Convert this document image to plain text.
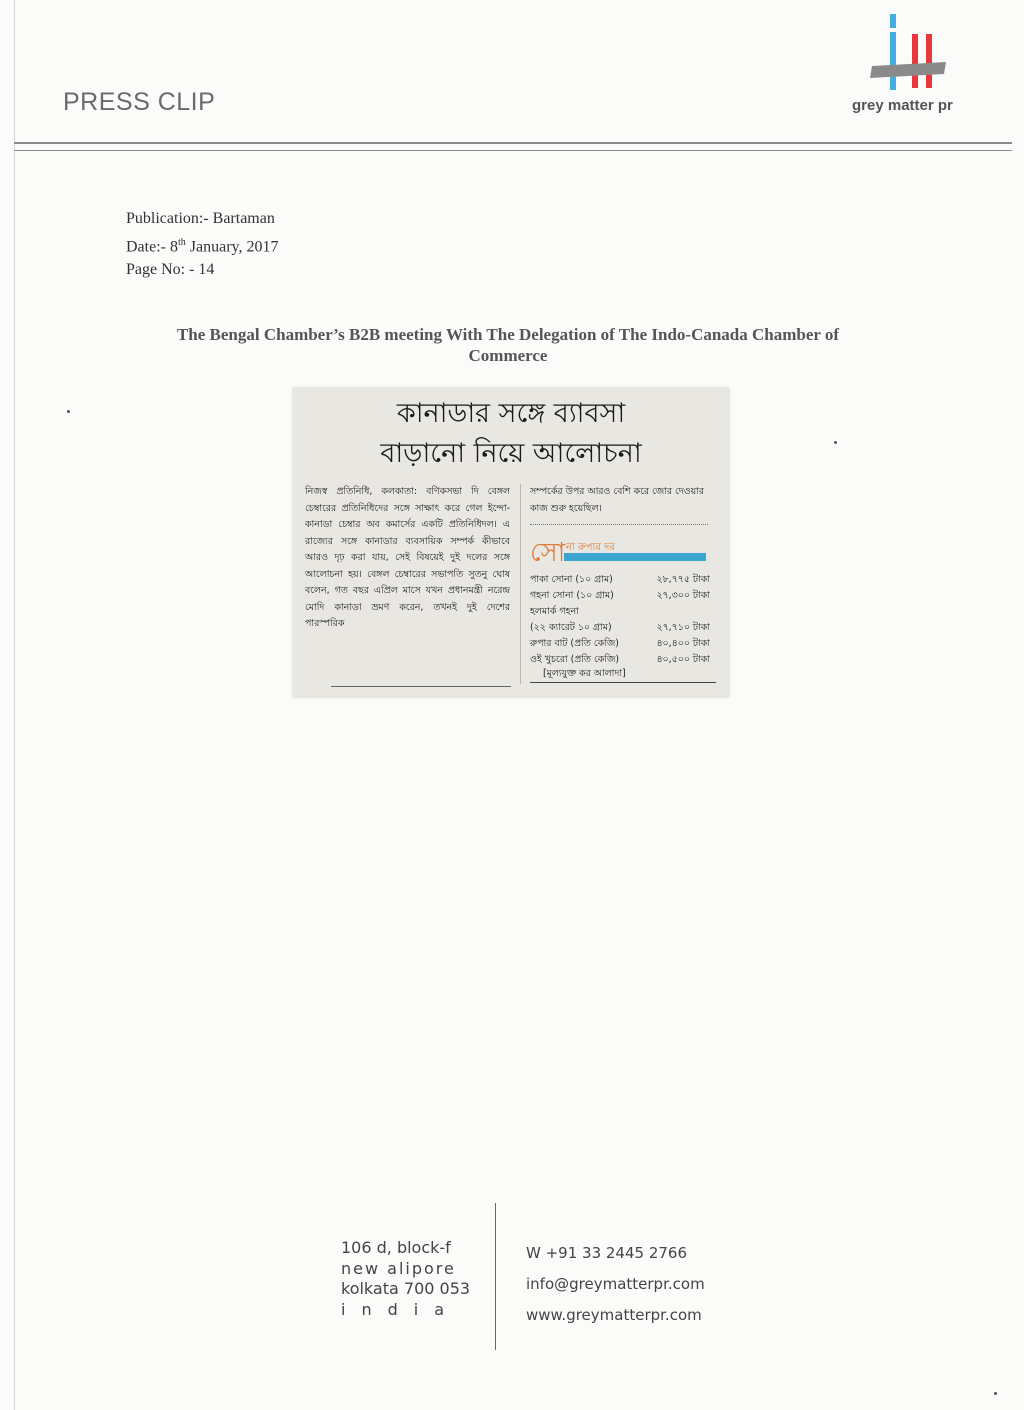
PRESS CLIP	grey matter pr
Publication:- Bartaman
Date:- 8th January, 2017
Page No: - 14
The Bengal Chamber’s B2B meeting With The Delegation of The Indo-Canada Chamber of
Commerce
কানাডার সঙ্গে ব্যাবসা
বাড়ানো নিয়ে আলোচনা
নিজস্ব প্রতিনিধি, কলকাতা: বণিকসভা দি বেঙ্গল চেম্বারের প্রতিনিধিদের সঙ্গে সাক্ষাৎ করে গেল ইন্দো-কানাডা চেম্বার অব কমার্সের একটি প্রতিনিধিদল। এ রাজ্যের সঙ্গে কানাডার ব্যবসায়িক সম্পর্ক কীভাবে আরও দৃঢ় করা যায়, সেই বিষয়েই দুই দলের সঙ্গে আলোচনা হয়। বেঙ্গল চেম্বারের সভাপতি সুতনু ঘোষ বলেন, গত বছর এপ্রিল মাসে যখন প্রধানমন্ত্রী নরেন্দ্র মোদি কানাডা ভ্রমণ করেন, তখনই দুই দেশের পারস্পরিক
সম্পর্কের উপর আরও বেশি করে জোর দেওয়ার কাজ শুরু হয়েছিল।
সো না রুপার দর
পাকা সোনা (১০ গ্রাম)	২৮,৭৭৫ টাকা
গহনা সোনা (১০ গ্রাম)	২৭,৩০০ টাকা
হলমার্ক গহনা
(২২ ক্যারেট ১০ গ্রাম)	২৭,৭১০ টাকা
রুপার বাট (প্রতি কেজি)	৪০,৪০০ টাকা
ওই খুচরো (প্রতি কেজি)	৪০,৫০০ টাকা
[মূল্যযুক্ত কর আলাদা]
106 d, block-f
new alipore
kolkata 700 053
india
W +91 33 2445 2766
info@greymatterpr.com
www.greymatterpr.com
